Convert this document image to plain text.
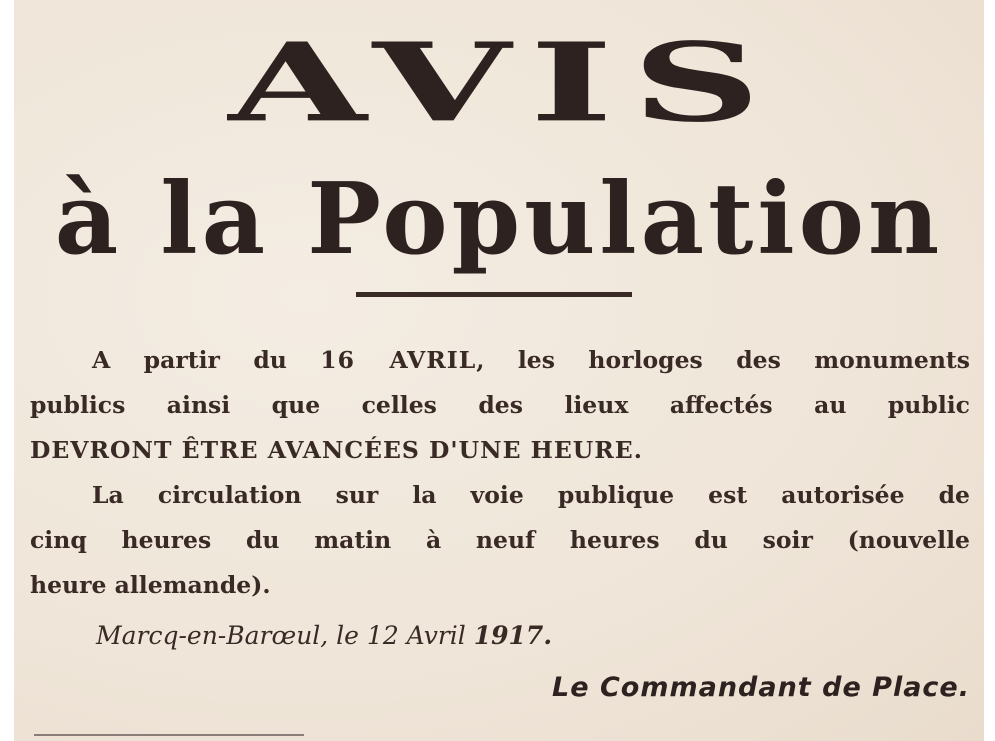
AVIS
à la Population
A partir du 16 AVRIL, les horloges des monuments
publics ainsi que celles des lieux affectés au public
DEVRONT ÊTRE AVANCÉES D'UNE HEURE.
La circulation sur la voie publique est autorisée de
cinq heures du matin à neuf heures du soir (nouvelle
heure allemande).
Marcq-en-Barœul, le 12 Avril 1917.
Le Commandant de Place.
